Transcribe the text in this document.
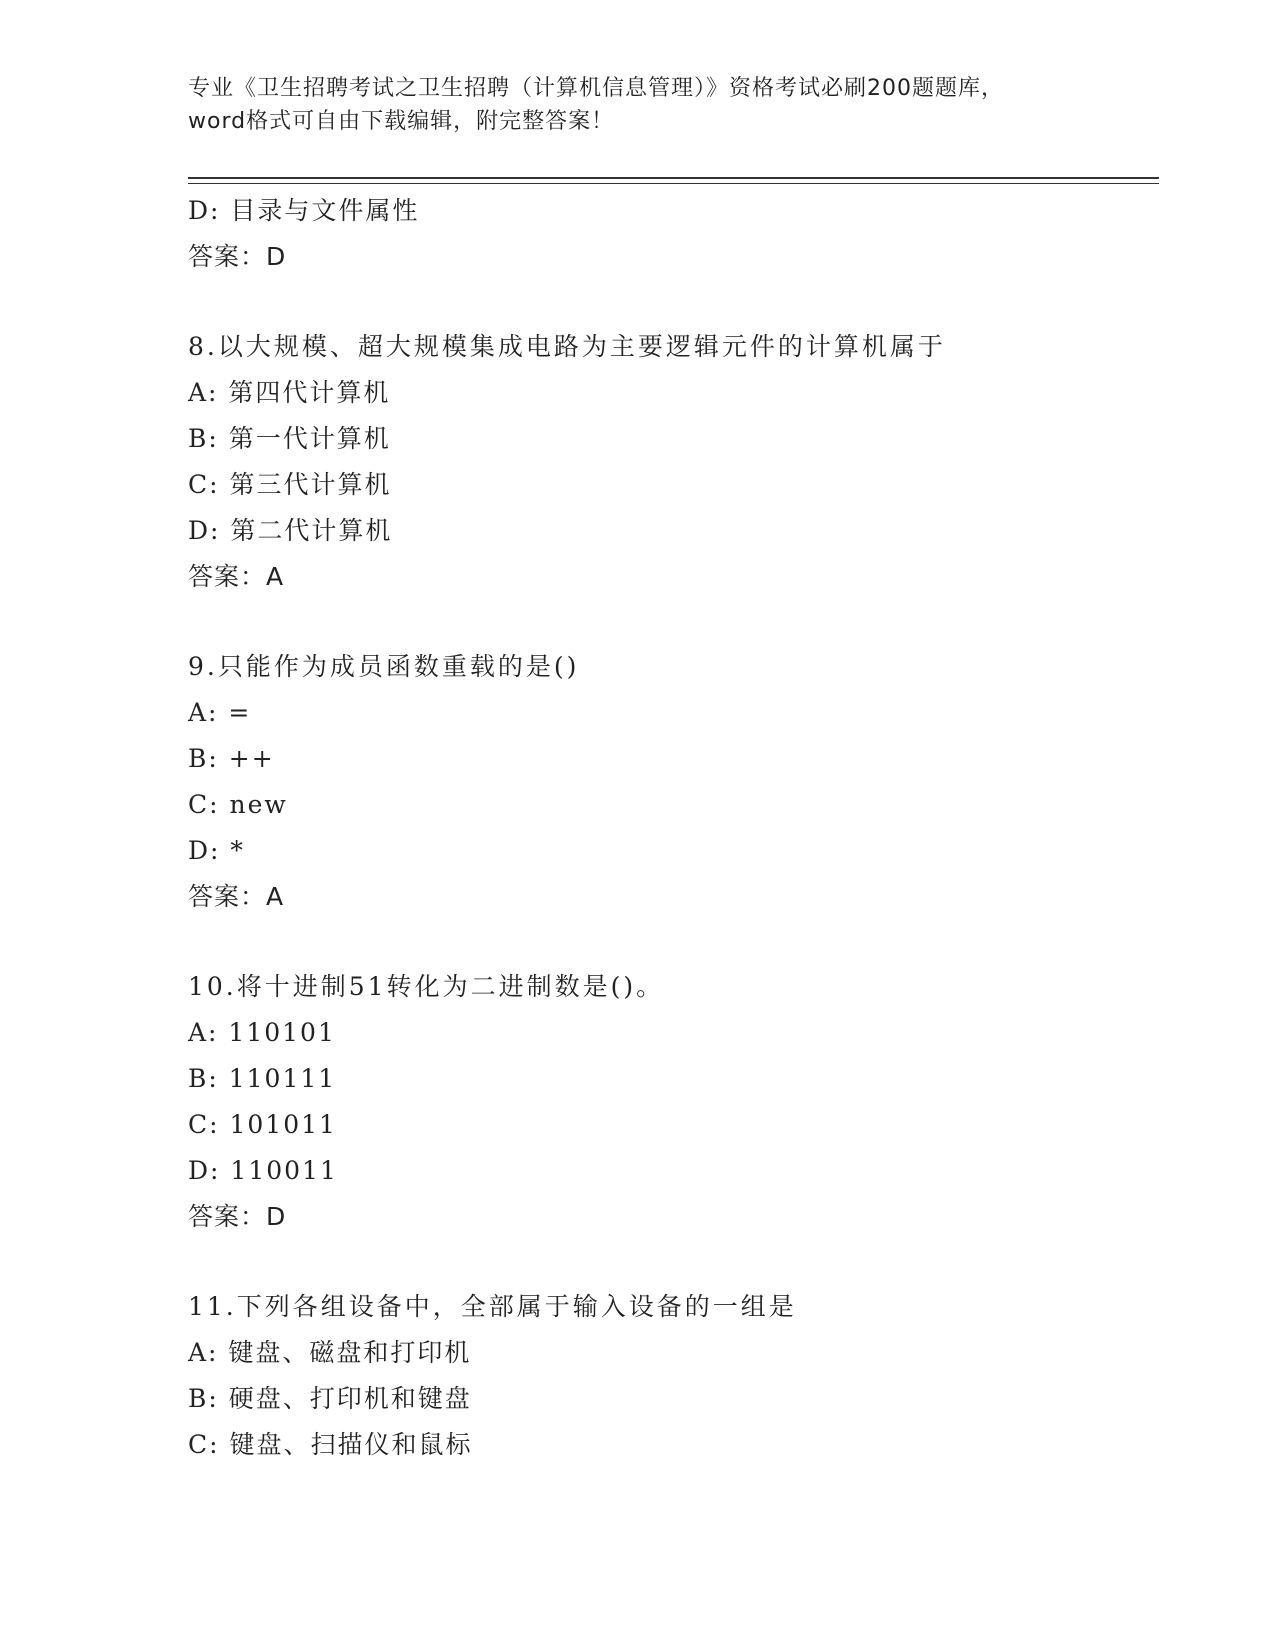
专业《卫生招聘考试之卫生招聘（计算机信息管理）》资格考试必刷200题题库，
word格式可自由下载编辑，附完整答案！
D: 目录与文件属性
答案：D
8.以大规模、超大规模集成电路为主要逻辑元件的计算机属于
A: 第四代计算机
B: 第一代计算机
C: 第三代计算机
D: 第二代计算机
答案：A
9.只能作为成员函数重载的是()
A: =
B: ++
C: new
D: *
答案：A
10.将十进制51转化为二进制数是()。
A: 110101
B: 110111
C: 101011
D: 110011
答案：D
11.下列各组设备中，全部属于输入设备的一组是
A: 键盘、磁盘和打印机
B: 硬盘、打印机和键盘
C: 键盘、扫描仪和鼠标
